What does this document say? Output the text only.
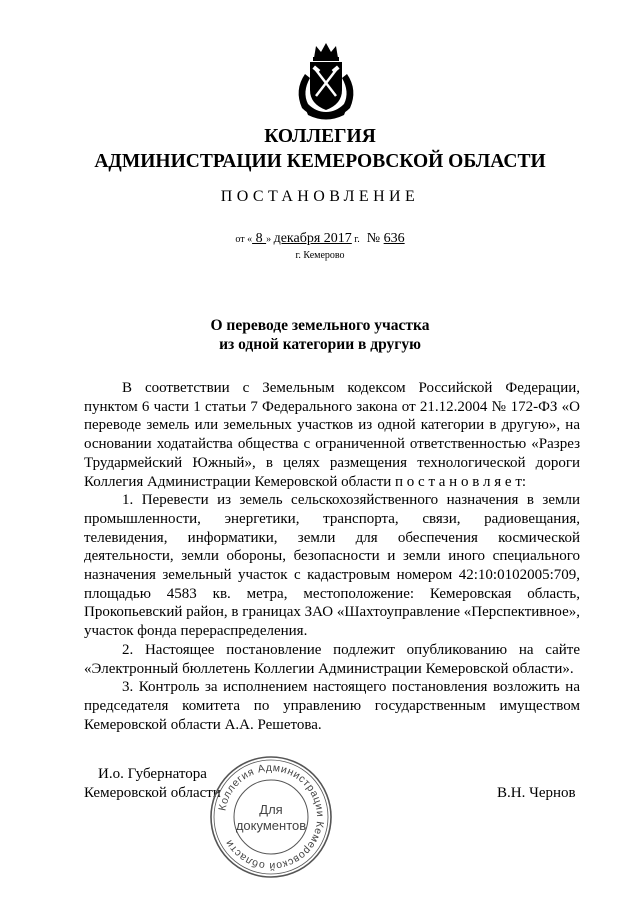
КОЛЛЕГИЯ
АДМИНИСТРАЦИИ КЕМЕРОВСКОЙ ОБЛАСТИ
ПОСТАНОВЛЕНИЕ
от « 8 » декабря 2017 г. № 636
г. Кемерово
О переводе земельного участка
из одной категории в другую

В соответствии с Земельным кодексом Российской Федерации, пунктом 6 части 1 статьи 7 Федерального закона от 21.12.2004 № 172-ФЗ «О переводе земель или земельных участков из одной категории в другую», на основании ходатайства общества с ограниченной ответственностью «Разрез Трудармейский Южный», в целях размещения технологической дороги Коллегия Администрации Кемеровской области п о с т а н о в л я е т:

1. Перевести из земель сельскохозяйственного назначения в земли промышленности, энергетики, транспорта, связи, радиовещания, телевидения, информатики, земли для обеспечения космической деятельности, земли обороны, безопасности и земли иного специального назначения земельный участок с кадастровым номером 42:10:0102005:709, площадью 4583 кв. метра, местоположение: Кемеровская область, Прокопьевский район, в границах ЗАО «Шахтоуправление «Перспективное», участок фонда перераспределения.

2. Настоящее постановление подлежит опубликованию на сайте «Электронный бюллетень Коллегии Администрации Кемеровской области».

3. Контроль за исполнением настоящего постановления возложить на председателя комитета по управлению государственным имуществом Кемеровской области А.А. Решетова.

И.о. Губернатора
Кемеровской области	В.Н. Чернов
Коллегия Администрации Кемеровской области
Для
документов
